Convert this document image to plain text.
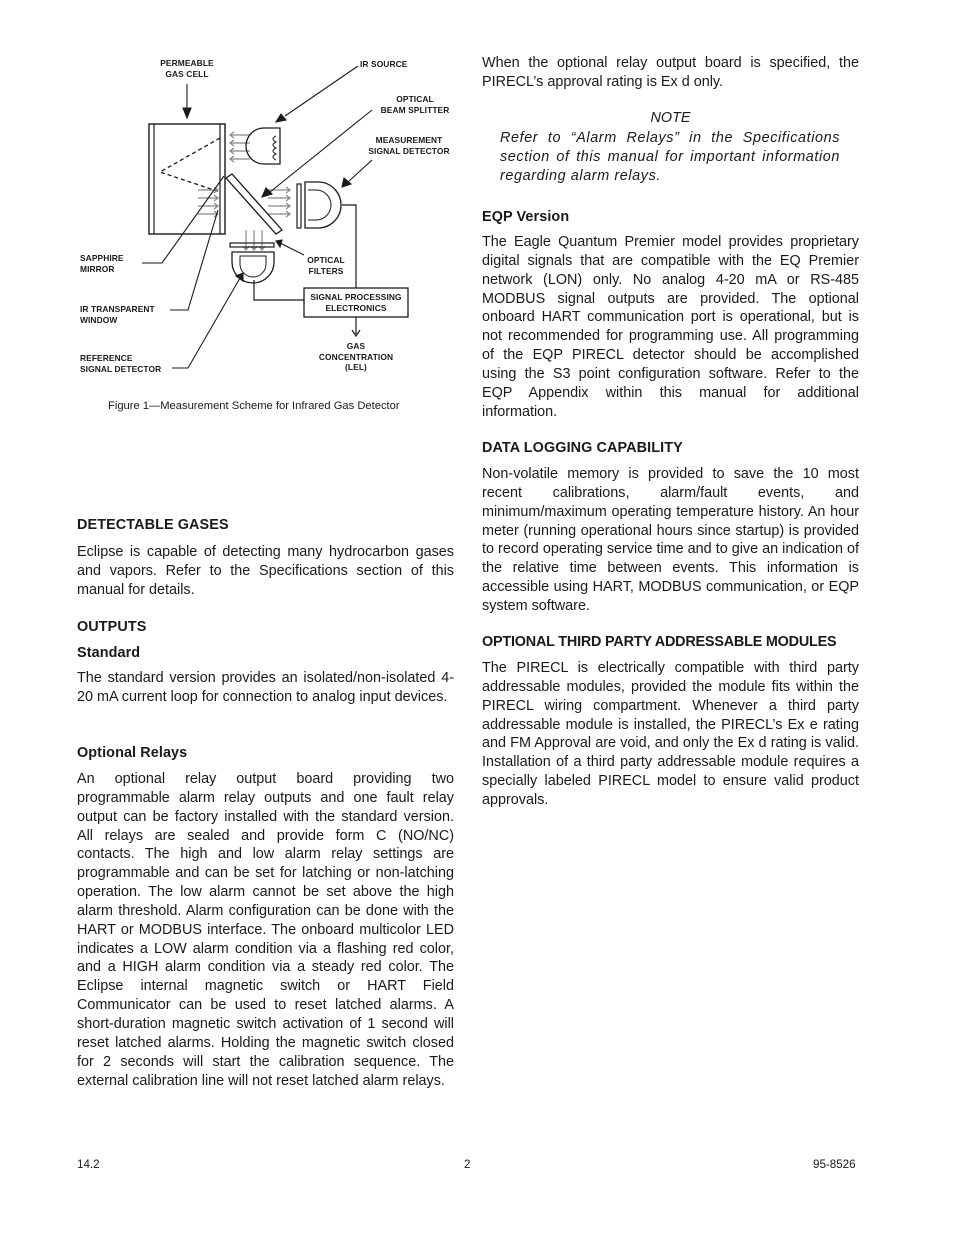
PERMEABLE
GAS CELL
IR SOURCE
OPTICAL
BEAM SPLITTER
MEASUREMENT
SIGNAL DETECTOR
SAPPHIRE
MIRROR
OPTICAL
FILTERS
IR TRANSPARENT
WINDOW
SIGNAL PROCESSING
ELECTRONICS
REFERENCE
SIGNAL DETECTOR
GAS
CONCENTRATION
(LEL)
Figure 1—Measurement Scheme for Infrared Gas Detector
DETECTABLE GASES

Eclipse is capable of detecting many hydrocarbon gases and vapors. Refer to the Specifications section of this manual for details.

OUTPUTS
Standard

The standard version provides an isolated/non-isolated 4-20 mA current loop for connection to analog input devices.

Optional Relays

An optional relay output board providing two programmable alarm relay outputs and one fault relay output can be factory installed with the standard version. All relays are sealed and provide form C (NO/NC) contacts. The high and low alarm relay settings are programmable and can be set for latching or non-latching operation. The low alarm cannot be set above the high alarm threshold. Alarm configuration can be done with the HART or MODBUS interface. The onboard multicolor LED indicates a LOW alarm condition via a flashing red color, and a HIGH alarm condition via a steady red color. The Eclipse internal magnetic switch or HART Field Communicator can be used to reset latched alarms. A short-duration magnetic switch activation of 1 second will reset latched alarms. Holding the magnetic switch closed for 2 seconds will start the calibration sequence. The external calibration line will not reset latched alarm relays.

When the optional relay output board is specified, the PIRECL’s approval rating is Ex d only.

NOTE

Refer to “Alarm Relays” in the Specifications section of this manual for important information regarding alarm relays.

EQP Version

The Eagle Quantum Premier model provides proprietary digital signals that are compatible with the EQ Premier network (LON) only. No analog 4-20 mA or RS-485 MODBUS signal outputs are provided. The optional onboard HART communication port is operational, but is not recommended for programming use. All programming of the EQP PIRECL detector should be accomplished using the S3 point configuration software. Refer to the EQP Appendix within this manual for additional information.

DATA LOGGING CAPABILITY

Non-volatile memory is provided to save the 10 most recent calibrations, alarm/fault events, and minimum/maximum operating temperature history. An hour meter (running operational hours since startup) is provided to record operating service time and to give an indication of the relative time between events. This information is accessible using HART, MODBUS communication, or EQP system software.

OPTIONAL THIRD PARTY ADDRESSABLE MODULES

The PIRECL is electrically compatible with third party addressable modules, provided the module fits within the PIRECL wiring compartment. Whenever a third party addressable module is installed, the PIRECL’s Ex e rating and FM Approval are void, and only the Ex d rating is valid. Installation of a third party addressable module requires a specially labeled PIRECL model to ensure valid product approvals.

14.2	2	95-8526
